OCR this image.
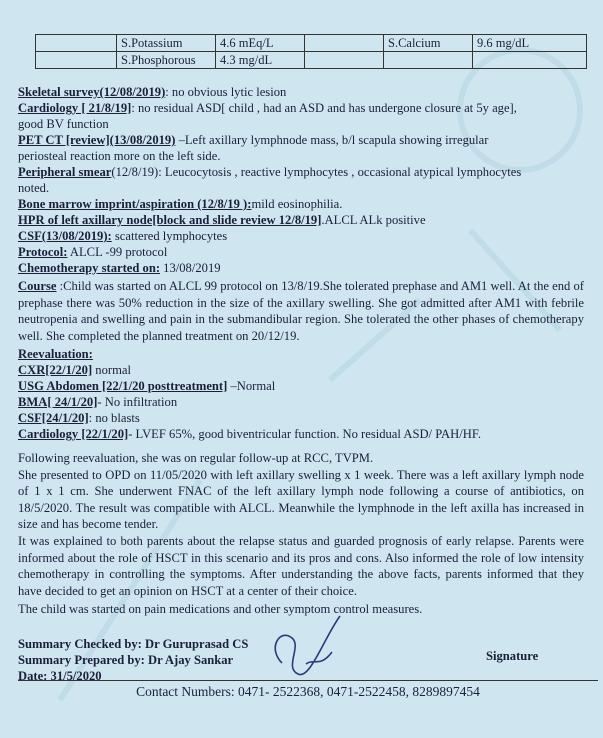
	S.Potassium	4.6 mEq/L		S.Calcium	9.6 mg/dL
	S.Phosphorous	4.3 mg/dL			
Skeletal survey(12/08/2019): no obvious lytic lesion
Cardiology [ 21/8/19]: no residual ASD[ child , had an ASD and has undergone closure at 5y age],
good BV function
PET CT [review](13/08/2019) –Left axillary lymphnode mass, b/l scapula showing irregular
periosteal reaction more on the left side.
Peripheral smear(12/8/19): Leucocytosis , reactive lymphocytes , occasional atypical lymphocytes
noted.
Bone marrow imprint/aspiration (12/8/19 ):mild eosinophilia.
HPR of left axillary node[block and slide review 12/8/19].ALCL ALk positive
CSF(13/08/2019): scattered lymphocytes
Protocol: ALCL -99 protocol
Chemotherapy started on: 13/08/2019

Course :Child was started on ALCL 99 protocol on 13/8/19.She tolerated prephase and AM1 well. At the end of prephase there was 50% reduction in the size of the axillary swelling. She got admitted after AM1 with febrile neutropenia and swelling and pain in the submandibular region. She tolerated the other phases of chemotherapy well. She completed the planned treatment on 20/12/19.

Reevaluation:
CXR[22/1/20] normal
USG Abdomen [22/1/20 posttreatment] –Normal
BMA[ 24/1/20]- No infiltration
CSF[24/1/20]: no blasts
Cardiology [22/1/20]- LVEF 65%, good biventricular function. No residual ASD/ PAH/HF.

Following reevaluation, she was on regular follow-up at RCC, TVPM.

She presented to OPD on 11/05/2020 with left axillary swelling x 1 week. There was a left axillary lymph node of 1 x 1 cm. She underwent FNAC of the left axillary lymph node following a course of antibiotics, on 18/5/2020. The result was compatible with ALCL. Meanwhile the lymphnode in the left axilla has increased in size and has become tender.

It was explained to both parents about the relapse status and guarded prognosis of early relapse. Parents were informed about the role of HSCT in this scenario and its pros and cons. Also informed the role of low intensity chemotherapy in controlling the symptoms. After understanding the above facts, parents informed that they have decided to get an opinion on HSCT at a center of their choice.

The child was started on pain medications and other symptom control measures.
Summary Checked by: Dr Guruprasad CS
Summary Prepared by: Dr Ajay Sankar
Date: 31/5/2020
Signature
Contact Numbers: 0471- 2522368, 0471-2522458, 8289897454
